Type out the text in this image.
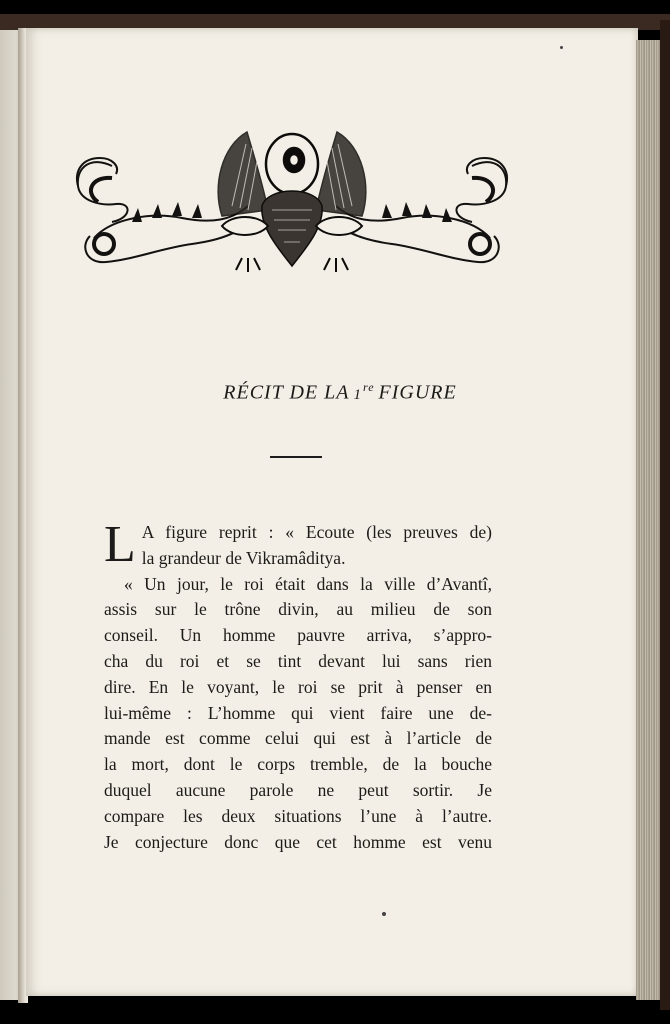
RÉCIT DE LA 1re FIGURE
L A figure reprit : « Ecoute (les preuves de)
la grandeur de Vikramâditya.
« Un jour, le roi était dans la ville d’Avantî,
assis sur le trône divin, au milieu de son
conseil. Un homme pauvre arriva, s’appro-
cha du roi et se tint devant lui sans rien
dire. En le voyant, le roi se prit à penser en
lui-même : L’homme qui vient faire une de-
mande est comme celui qui est à l’article de
la mort, dont le corps tremble, de la bouche
duquel aucune parole ne peut sortir. Je
compare les deux situations l’une à l’autre.
Je conjecture donc que cet homme est venu
